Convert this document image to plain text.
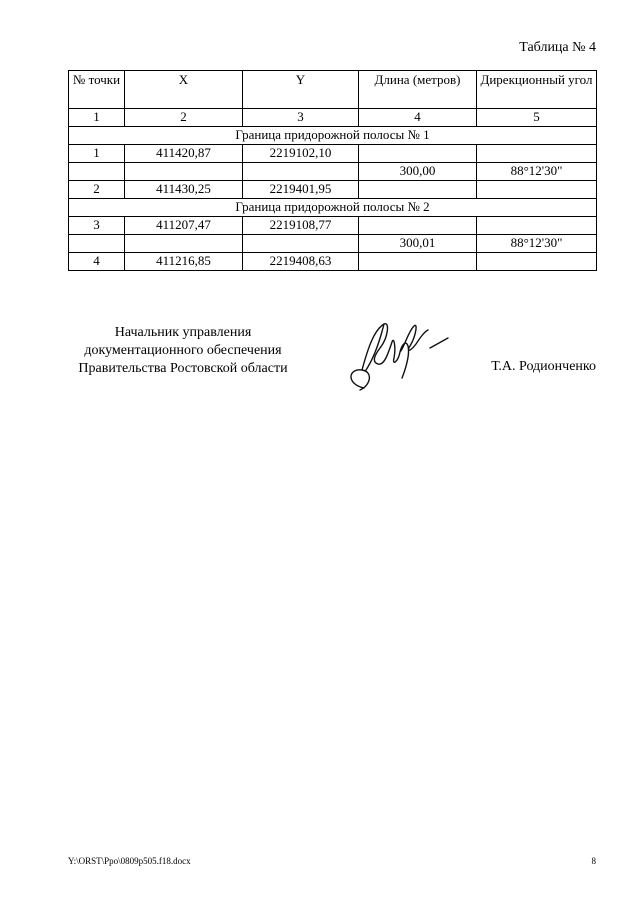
Таблица № 4
№ точки	X	Y	Длина (метров)	Дирекционный угол
1	2	3	4	5
Граница придорожной полосы № 1				
1	411420,87	2219102,10		
			300,00	88°12'30"
2	411430,25	2219401,95		
Граница придорожной полосы № 2				
3	411207,47	2219108,77		
			300,01	88°12'30"
4	411216,85	2219408,63		
Начальник управления
документационного обеспечения
Правительства Ростовской области	Т.А. Родионченко
Y:\ORST\Ppo\0809p505.f18.docx	8
